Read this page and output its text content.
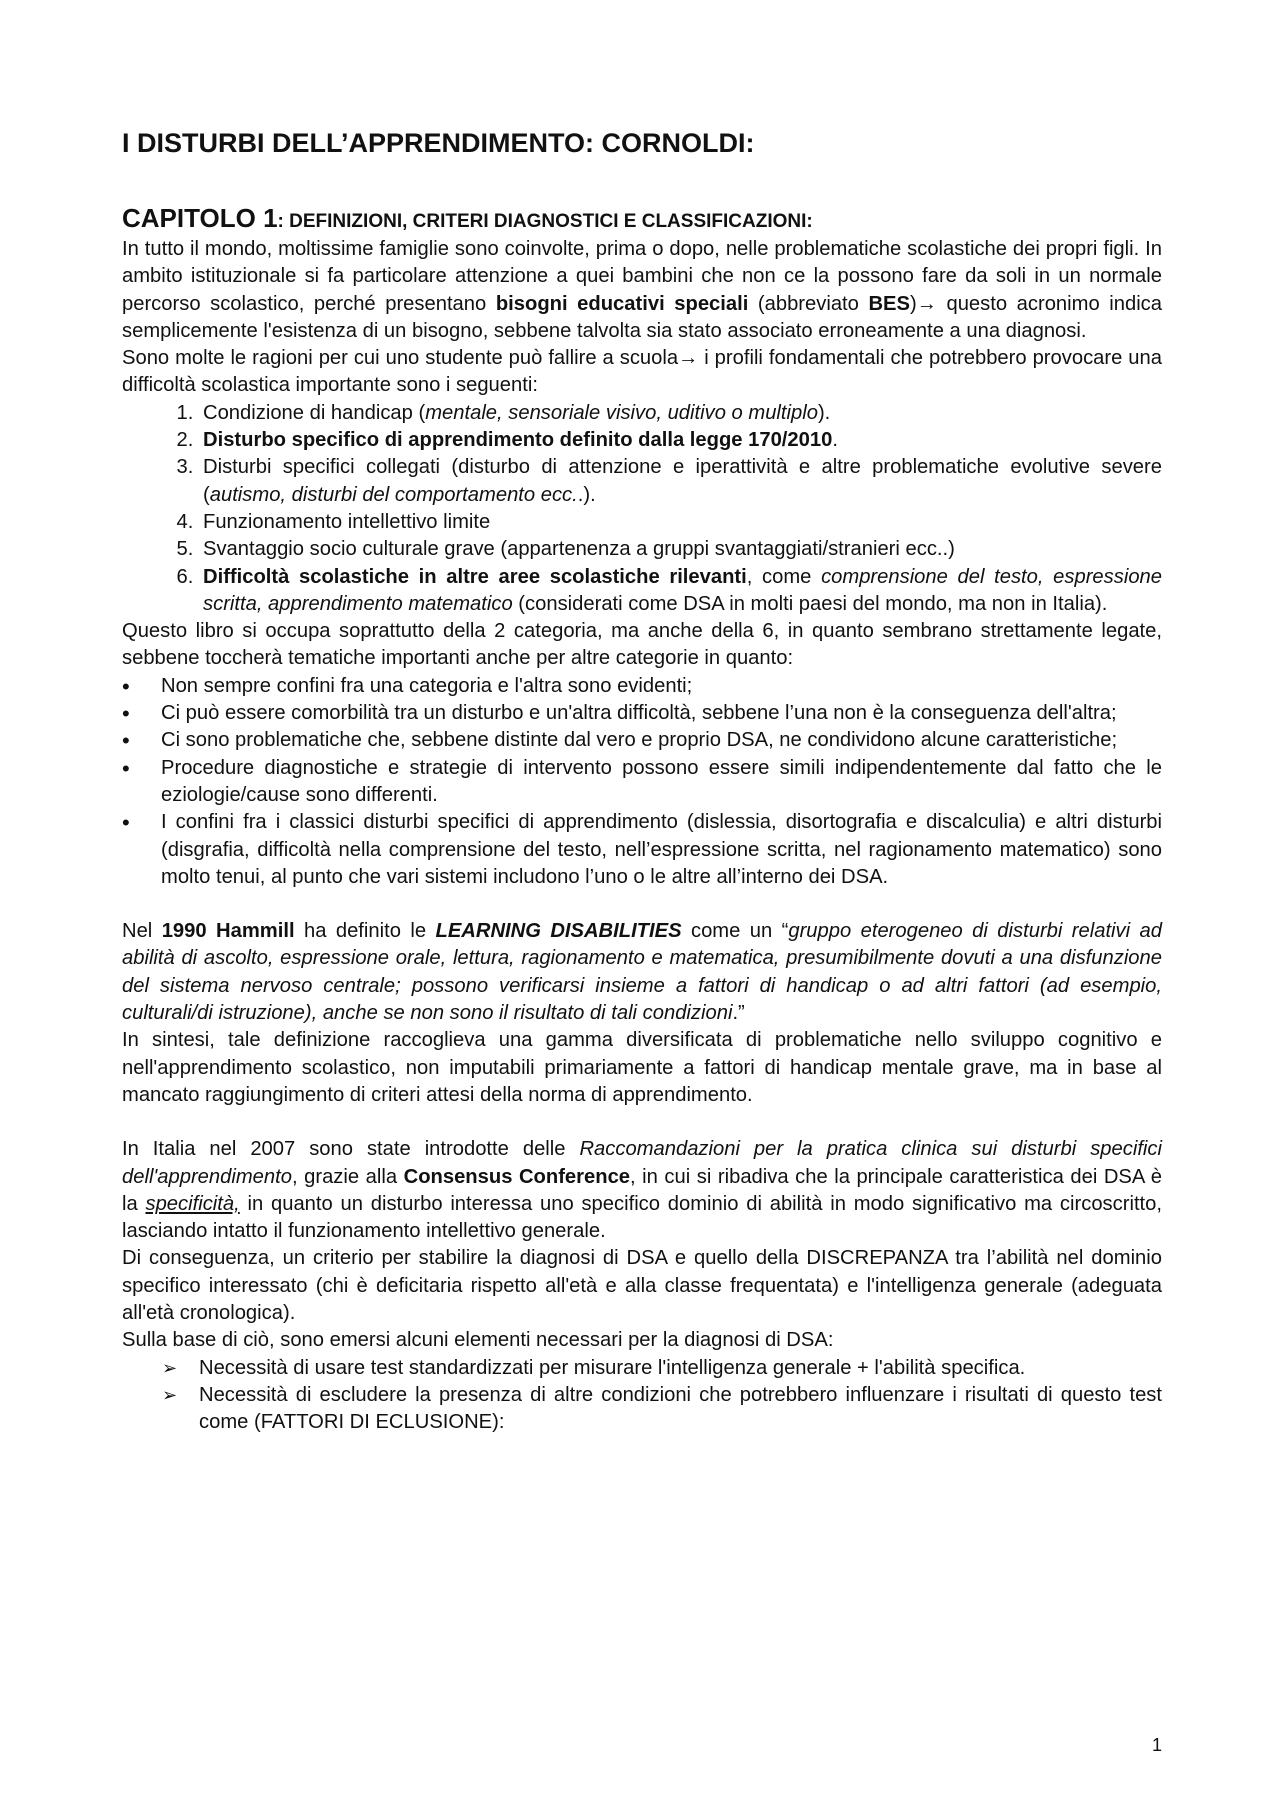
I DISTURBI DELL’APPRENDIMENTO: CORNOLDI:
CAPITOLO 1: DEFINIZIONI, CRITERI DIAGNOSTICI E CLASSIFICAZIONI:

In tutto il mondo, moltissime famiglie sono coinvolte, prima o dopo, nelle problematiche scolastiche dei propri figli. In ambito istituzionale si fa particolare attenzione a quei bambini che non ce la possono fare da soli in un normale percorso scolastico, perché presentano bisogni educativi speciali (abbreviato BES)→ questo acronimo indica semplicemente l'esistenza di un bisogno, sebbene talvolta sia stato associato erroneamente a una diagnosi.

Sono molte le ragioni per cui uno studente può fallire a scuola→ i profili fondamentali che potrebbero provocare una difficoltà scolastica importante sono i seguenti:

1. Condizione di handicap (mentale, sensoriale visivo, uditivo o multiplo).
2. Disturbo specifico di apprendimento definito dalla legge 170/2010.
3. Disturbi specifici collegati (disturbo di attenzione e iperattività e altre problematiche evolutive severe (autismo, disturbi del comportamento ecc..).
4. Funzionamento intellettivo limite
5. Svantaggio socio culturale grave (appartenenza a gruppi svantaggiati/stranieri ecc..)
6. Difficoltà scolastiche in altre aree scolastiche rilevanti, come comprensione del testo, espressione scritta, apprendimento matematico (considerati come DSA in molti paesi del mondo, ma non in Italia).

Questo libro si occupa soprattutto della 2 categoria, ma anche della 6, in quanto sembrano strettamente legate, sebbene toccherà tematiche importanti anche per altre categorie in quanto:

• Non sempre confini fra una categoria e l'altra sono evidenti;
• Ci può essere comorbilità tra un disturbo e un'altra difficoltà, sebbene l’una non è la conseguenza dell'altra;
• Ci sono problematiche che, sebbene distinte dal vero e proprio DSA, ne condividono alcune caratteristiche;
• Procedure diagnostiche e strategie di intervento possono essere simili indipendentemente dal fatto che le eziologie/cause sono differenti.
• I confini fra i classici disturbi specifici di apprendimento (dislessia, disortografia e discalculia) e altri disturbi (disgrafia, difficoltà nella comprensione del testo, nell’espressione scritta, nel ragionamento matematico) sono molto tenui, al punto che vari sistemi includono l’uno o le altre all’interno dei DSA.

Nel 1990 Hammill ha definito le LEARNING DISABILITIES come un “gruppo eterogeneo di disturbi relativi ad abilità di ascolto, espressione orale, lettura, ragionamento e matematica, presumibilmente dovuti a una disfunzione del sistema nervoso centrale; possono verificarsi insieme a fattori di handicap o ad altri fattori (ad esempio, culturali/di istruzione), anche se non sono il risultato di tali condizioni.”

In sintesi, tale definizione raccoglieva una gamma diversificata di problematiche nello sviluppo cognitivo e nell'apprendimento scolastico, non imputabili primariamente a fattori di handicap mentale grave, ma in base al mancato raggiungimento di criteri attesi della norma di apprendimento.

In Italia nel 2007 sono state introdotte delle Raccomandazioni per la pratica clinica sui disturbi specifici dell'apprendimento, grazie alla Consensus Conference, in cui si ribadiva che la principale caratteristica dei DSA è la specificità, in quanto un disturbo interessa uno specifico dominio di abilità in modo significativo ma circoscritto, lasciando intatto il funzionamento intellettivo generale.

Di conseguenza, un criterio per stabilire la diagnosi di DSA e quello della DISCREPANZA tra l’abilità nel dominio specifico interessato (chi è deficitaria rispetto all'età e alla classe frequentata) e l'intelligenza generale (adeguata all'età cronologica).

Sulla base di ciò, sono emersi alcuni elementi necessari per la diagnosi di DSA:

➢ Necessità di usare test standardizzati per misurare l'intelligenza generale + l'abilità specifica.
➢ Necessità di escludere la presenza di altre condizioni che potrebbero influenzare i risultati di questo test come (FATTORI DI ECLUSIONE):
1
